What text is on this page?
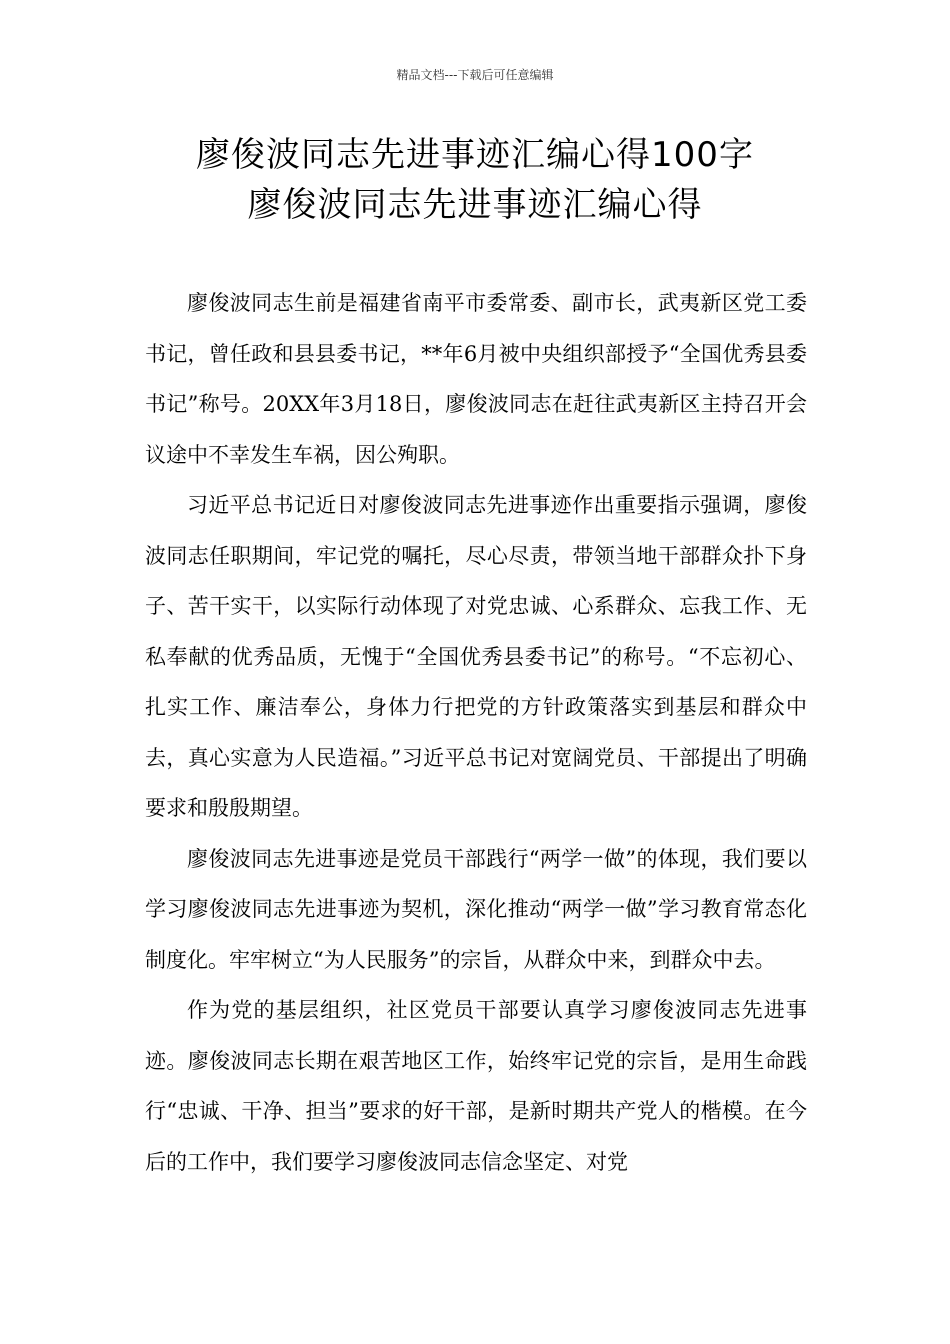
精品文档---下载后可任意编辑
廖俊波同志先进事迹汇编心得100字
廖俊波同志先进事迹汇编心得

廖俊波同志生前是福建省南平市委常委、副市长，武夷新区党工委书记，曾任政和县县委书记，**年6月被中央组织部授予“全国优秀县委书记”称号。20XX年3月18日，廖俊波同志在赶往武夷新区主持召开会议途中不幸发生车祸，因公殉职。

习近平总书记近日对廖俊波同志先进事迹作出重要指示强调，廖俊波同志任职期间，牢记党的嘱托，尽心尽责，带领当地干部群众扑下身子、苦干实干，以实际行动体现了对党忠诚、心系群众、忘我工作、无私奉献的优秀品质，无愧于“全国优秀县委书记”的称号。“不忘初心、扎实工作、廉洁奉公，身体力行把党的方针政策落实到基层和群众中去，真心实意为人民造福。”习近平总书记对宽阔党员、干部提出了明确要求和殷殷期望。

廖俊波同志先进事迹是党员干部践行“两学一做”的体现，我们要以学习廖俊波同志先进事迹为契机，深化推动“两学一做”学习教育常态化制度化。牢牢树立“为人民服务”的宗旨，从群众中来，到群众中去。

作为党的基层组织，社区党员干部要认真学习廖俊波同志先进事迹。廖俊波同志长期在艰苦地区工作，始终牢记党的宗旨，是用生命践行“忠诚、干净、担当”要求的好干部，是新时期共产党人的楷模。在今后的工作中，我们要学习廖俊波同志信念坚定、对党
